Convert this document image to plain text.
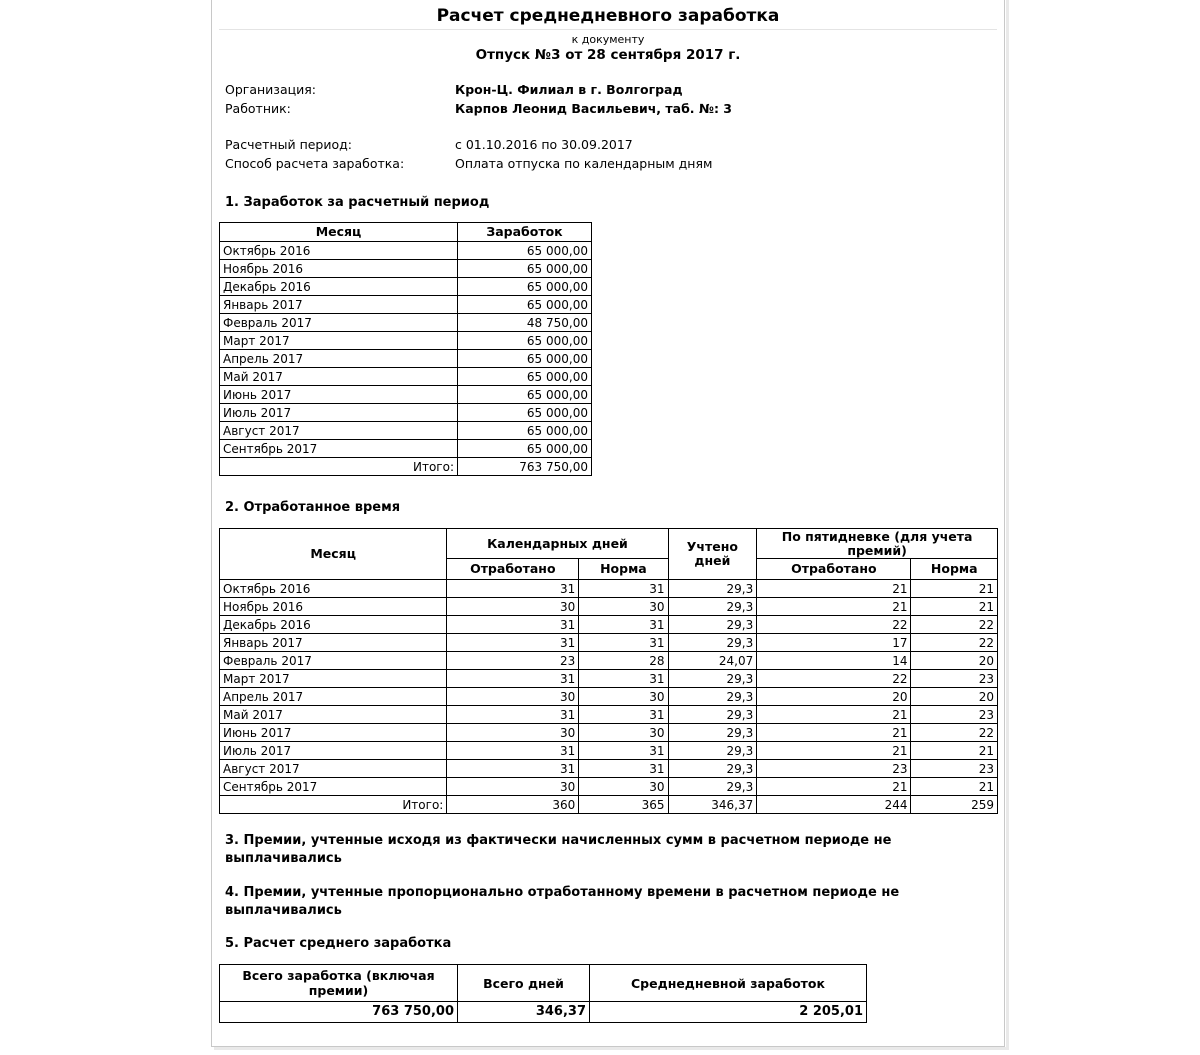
Расчет среднедневного заработка
к документу
Отпуск №3 от 28 сентября 2017 г.
Организация:	Крон-Ц. Филиал в г. Волгоград
Работник:	Карпов Леонид Васильевич, таб. №: 3
Расчетный период:	с 01.10.2016 по 30.09.2017
Способ расчета заработка:	Оплата отпуска по календарным дням
1. Заработок за расчетный период
Месяц	Заработок
Октябрь 2016	65 000,00
Ноябрь 2016	65 000,00
Декабрь 2016	65 000,00
Январь 2017	65 000,00
Февраль 2017	48 750,00
Март 2017	65 000,00
Апрель 2017	65 000,00
Май 2017	65 000,00
Июнь 2017	65 000,00
Июль 2017	65 000,00
Август 2017	65 000,00
Сентябрь 2017	65 000,00
Итого:	763 750,00
2. Отработанное время
Месяц	Календарных дней		Учтено дней	По пятидневке (для учета премий)	
	Отработано	Норма		Отработано	Норма
Октябрь 2016	31	31	29,3	21	21
Ноябрь 2016	30	30	29,3	21	21
Декабрь 2016	31	31	29,3	22	22
Январь 2017	31	31	29,3	17	22
Февраль 2017	23	28	24,07	14	20
Март 2017	31	31	29,3	22	23
Апрель 2017	30	30	29,3	20	20
Май 2017	31	31	29,3	21	23
Июнь 2017	30	30	29,3	21	22
Июль 2017	31	31	29,3	21	21
Август 2017	31	31	29,3	23	23
Сентябрь 2017	30	30	29,3	21	21
Итого:	360	365	346,37	244	259
3. Премии, учтенные исходя из фактически начисленных сумм в расчетном периоде не выплачивались
4. Премии, учтенные пропорционально отработанному времени в расчетном периоде не выплачивались
5. Расчет среднего заработка
Всего заработка (включая премии)	Всего дней	Среднедневной заработок
763 750,00	346,37	2 205,01
